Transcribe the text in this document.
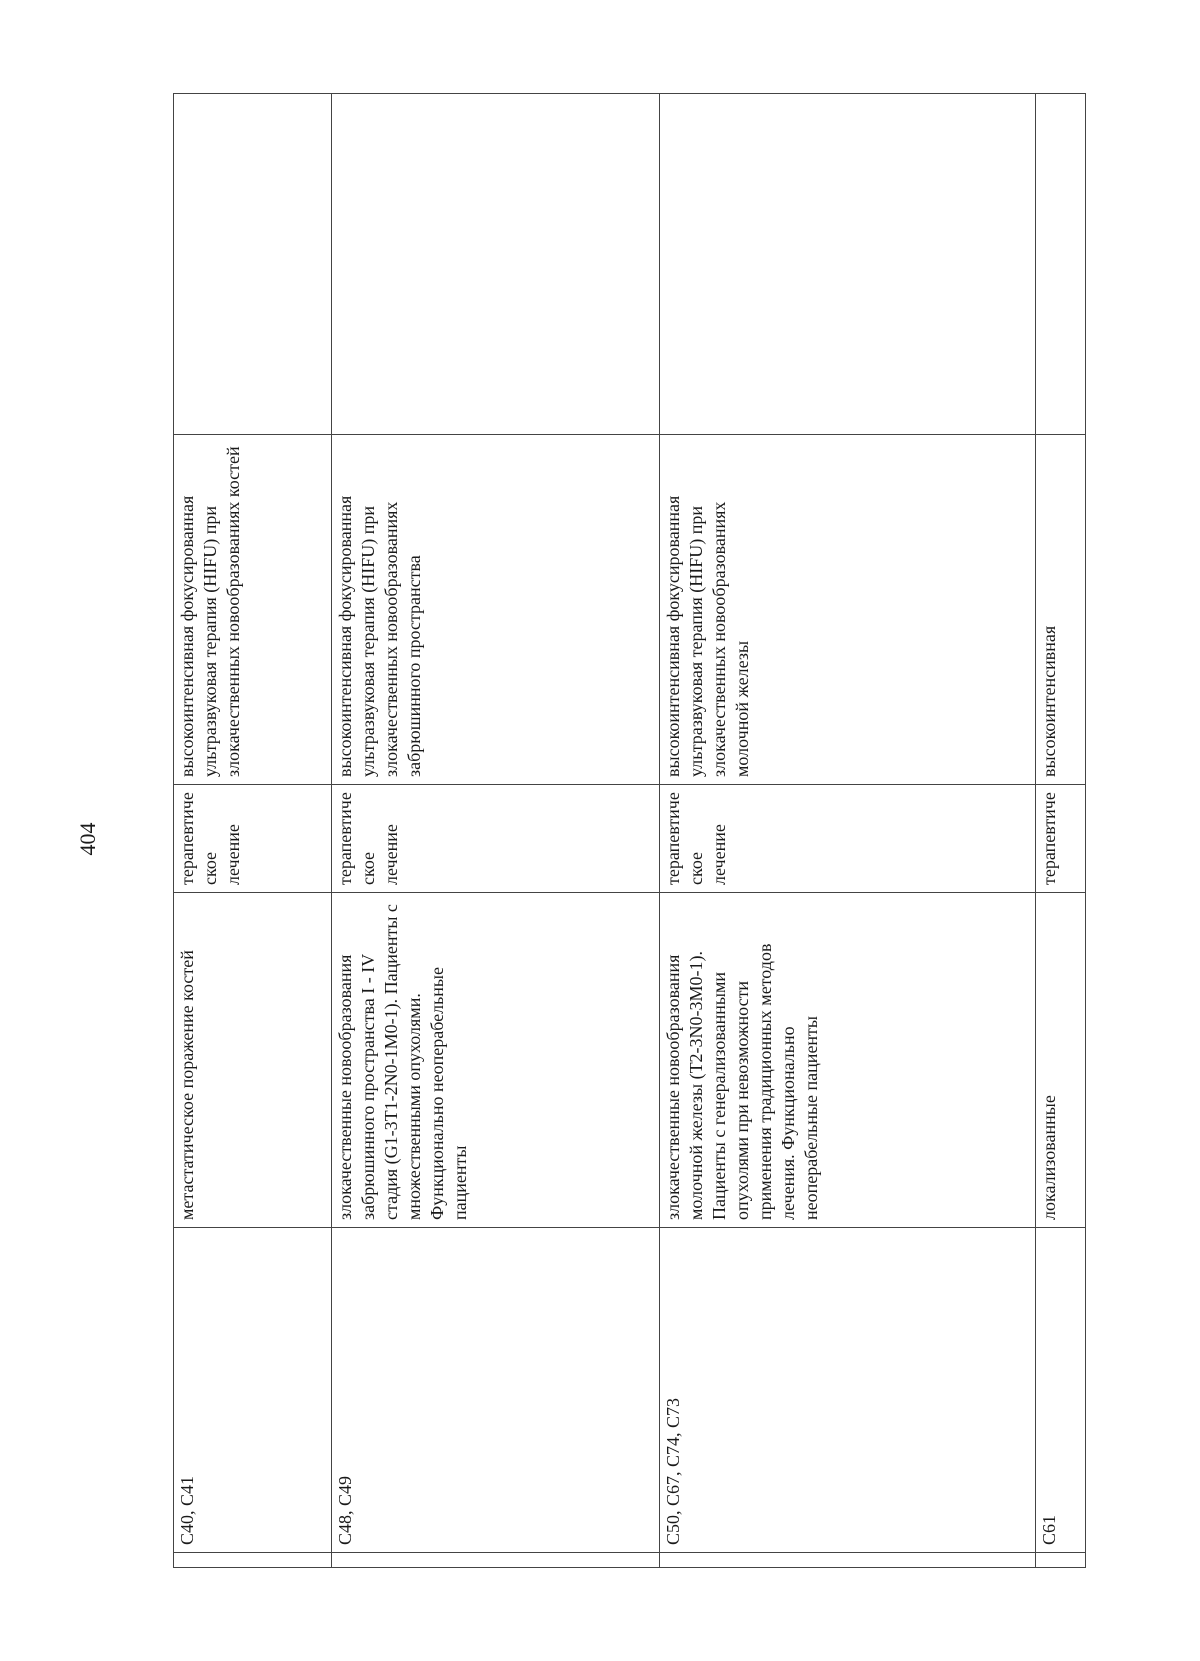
404
	C40, C41	метастатическое поражение костей	терапевтиче ское лечение	высокоинтенсивная фокусированная ультразвуковая терапия (HIFU) при злокачественных новообразованиях костей	
	C48, C49	злокачественные новообразования забрюшинного пространства I - IV стадия (G1-3T1-2N0-1M0-1). Пациенты с множественными опухолями. Функционально неоперабельные пациенты	терапевтиче ское лечение	высокоинтенсивная фокусированная ультразвуковая терапия (HIFU) при злокачественных новообразованиях забрюшинного пространства	
	C50, C67, C74, C73	злокачественные новообразования молочной железы (T2-3N0-3M0-1). Пациенты с генерализованными опухолями при невозможности применения традиционных методов лечения. Функционально неоперабельные пациенты	терапевтиче ское лечение	высокоинтенсивная фокусированная ультразвуковая терапия (HIFU) при злокачественных новообразованиях молочной железы	
	C61	локализованные	терапевтиче	высокоинтенсивная	
